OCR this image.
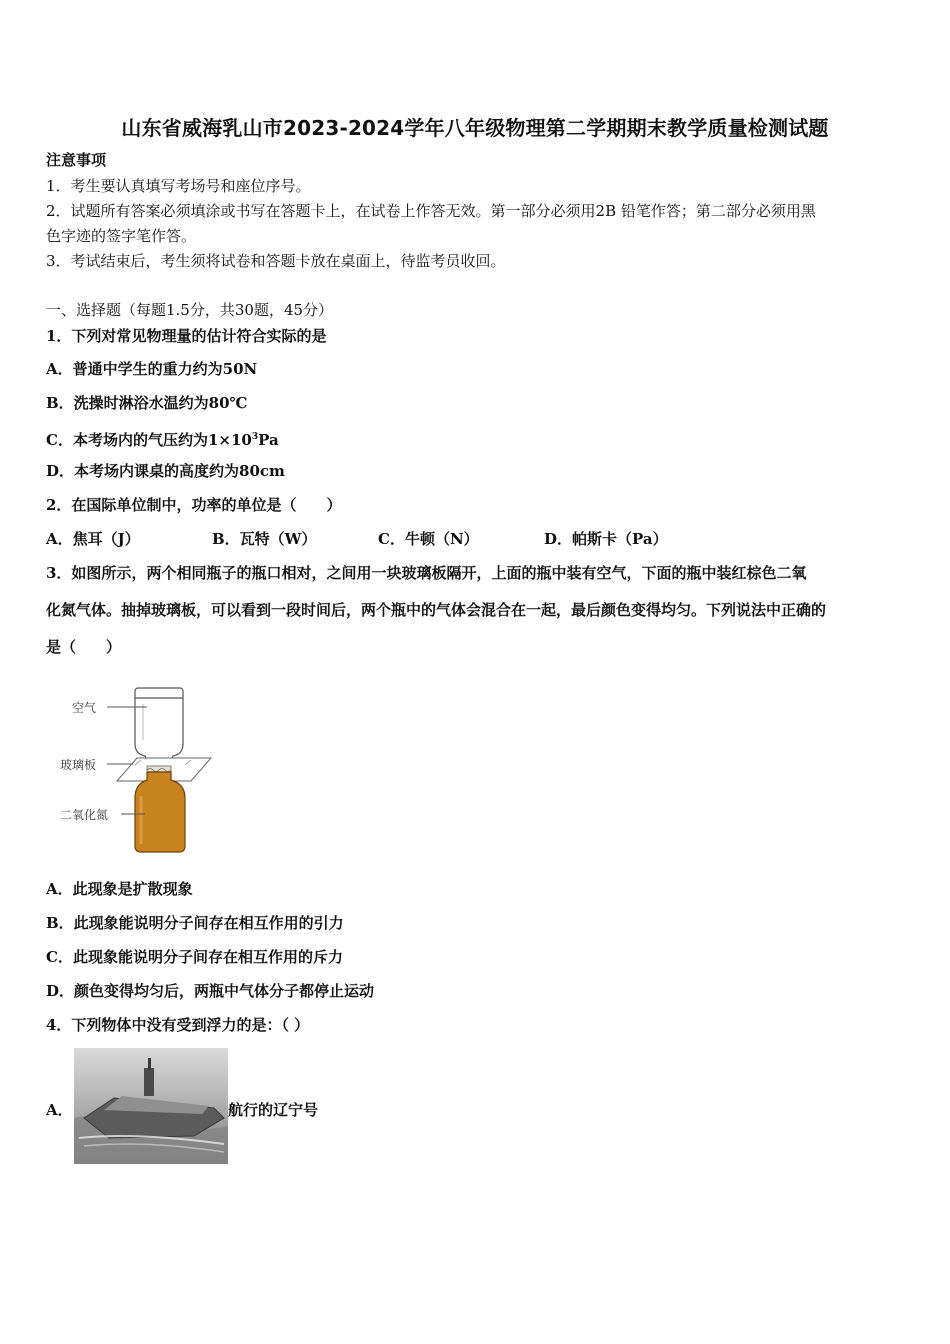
山东省威海乳山市2023-2024学年八年级物理第二学期期末教学质量检测试题
注意事项
1．考生要认真填写考场号和座位序号。
2．试题所有答案必须填涂或书写在答题卡上，在试卷上作答无效。第一部分必须用2B 铅笔作答；第二部分必须用黑
色字迹的签字笔作答。
3．考试结束后，考生须将试卷和答题卡放在桌面上，待监考员收回。
一、选择题（每题1.5分，共30题，45分）
1．下列对常见物理量的估计符合实际的是
A．普通中学生的重力约为50N
B．洗操时淋浴水温约为80℃
C．本考场内的气压约为$1\times 10^3Pa$
D．本考场内课桌的高度约为80cm
2．在国际单位制中，功率的单位是（　　）
A．焦耳（J）	B．瓦特（W）	C．牛顿（N）	D．帕斯卡（Pa）
3．如图所示，两个相同瓶子的瓶口相对，之间用一块玻璃板隔开，上面的瓶中装有空气，下面的瓶中装红棕色二氧
化氮气体。抽掉玻璃板，可以看到一段时间后，两个瓶中的气体会混合在一起，最后颜色变得均匀。下列说法中正确的
是（　　）
空气
玻璃板
二氧化氮
A．此现象是扩散现象
B．此现象能说明分子间存在相互作用的引力
C．此现象能说明分子间存在相互作用的斥力
D．颜色变得均匀后，两瓶中气体分子都停止运动
4．下列物体中没有受到浮力的是：（ ）
A．	航行的辽宁号
